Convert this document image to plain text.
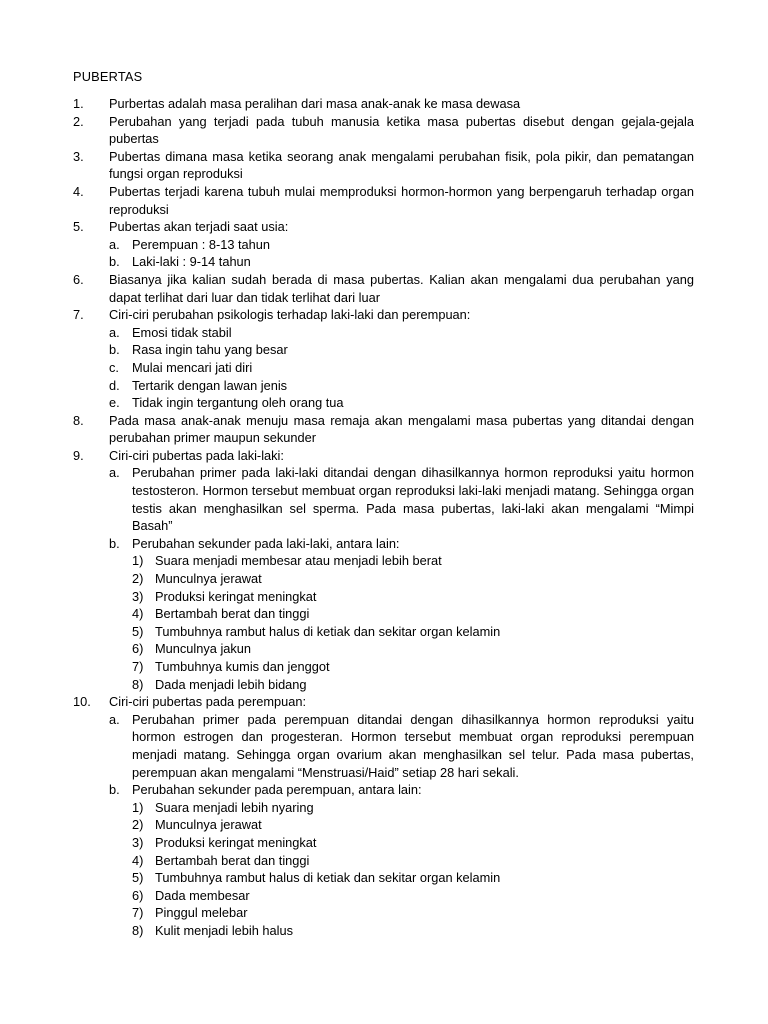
PUBERTAS
1.	Purbertas adalah masa peralihan dari masa anak-anak ke masa dewasa
2.	Perubahan yang terjadi pada tubuh manusia ketika masa pubertas disebut dengan gejala-gejala pubertas
3.	Pubertas dimana masa ketika seorang anak mengalami perubahan fisik, pola pikir, dan pematangan fungsi organ reproduksi
4.	Pubertas terjadi karena tubuh mulai memproduksi hormon-hormon yang berpengaruh terhadap organ reproduksi
5.	Pubertas akan terjadi saat usia:
a. Perempuan : 8-13 tahun
b. Laki-laki : 9-14 tahun
6.	Biasanya jika kalian sudah berada di masa pubertas. Kalian akan mengalami dua perubahan yang dapat terlihat dari luar dan tidak terlihat dari luar
7.	Ciri-ciri perubahan psikologis terhadap laki-laki dan perempuan:
a. Emosi tidak stabil
b. Rasa ingin tahu yang besar
c.	Mulai mencari jati diri
d. Tertarik dengan lawan jenis
e. Tidak ingin tergantung oleh orang tua
8.	Pada masa anak-anak menuju masa remaja akan mengalami masa pubertas yang ditandai dengan perubahan primer maupun sekunder
9.	Ciri-ciri pubertas pada laki-laki:
a. Perubahan primer pada laki-laki ditandai dengan dihasilkannya hormon reproduksi yaitu hormon testosteron. Hormon tersebut membuat organ reproduksi laki-laki menjadi matang. Sehingga organ testis akan menghasilkan sel sperma. Pada masa pubertas, laki-laki akan mengalami “Mimpi Basah”
b. Perubahan sekunder pada laki-laki, antara lain:
1) Suara menjadi membesar atau menjadi lebih berat
2) Munculnya jerawat
3) Produksi keringat meningkat
4) Bertambah berat dan tinggi
5) Tumbuhnya rambut halus di ketiak dan sekitar organ kelamin
6) Munculnya jakun
7) Tumbuhnya kumis dan jenggot
8) Dada menjadi lebih bidang
10.	Ciri-ciri pubertas pada perempuan:
a. Perubahan primer pada perempuan ditandai dengan dihasilkannya hormon reproduksi yaitu hormon estrogen dan progesteran. Hormon tersebut membuat organ reproduksi perempuan menjadi matang. Sehingga organ ovarium akan menghasilkan sel telur. Pada masa pubertas, perempuan akan mengalami “Menstruasi/Haid” setiap 28 hari sekali.
b. Perubahan sekunder pada perempuan, antara lain:
1) Suara menjadi lebih nyaring
2) Munculnya jerawat
3) Produksi keringat meningkat
4) Bertambah berat dan tinggi
5) Tumbuhnya rambut halus di ketiak dan sekitar organ kelamin
6) Dada membesar
7) Pinggul melebar
8) Kulit menjadi lebih halus
